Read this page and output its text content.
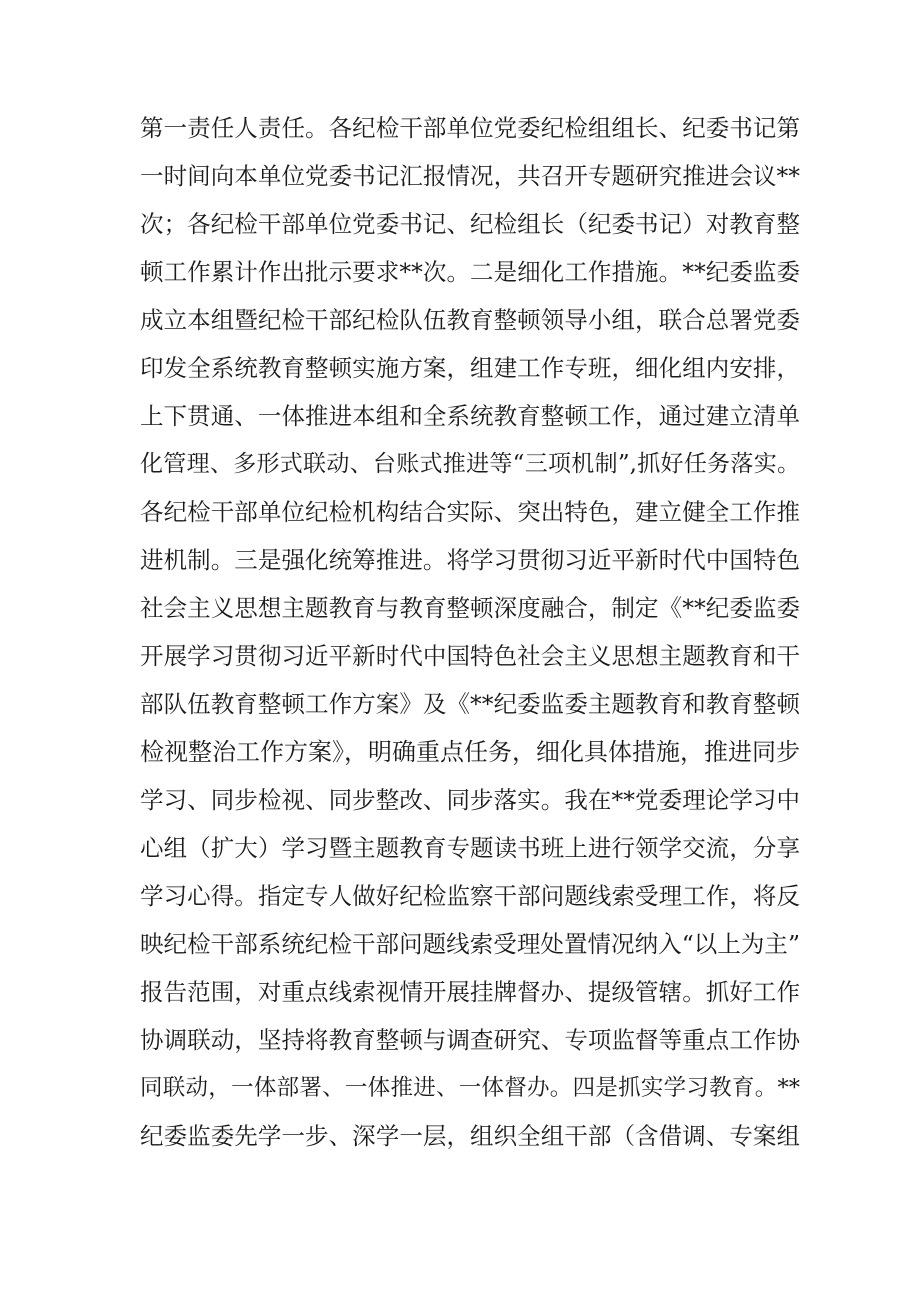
第一责任人责任。各纪检干部单位党委纪检组组长、纪委书记第
一时间向本单位党委书记汇报情况，共召开专题研究推进会议**
次；各纪检干部单位党委书记、纪检组长（纪委书记）对教育整
顿工作累计作出批示要求**次。二是细化工作措施。**纪委监委
成立本组暨纪检干部纪检队伍教育整顿领导小组，联合总署党委
印发全系统教育整顿实施方案，组建工作专班，细化组内安排，
上下贯通、一体推进本组和全系统教育整顿工作，通过建立清单
化管理、多形式联动、台账式推进等“三项机制”,抓好任务落实。
各纪检干部单位纪检机构结合实际、突出特色，建立健全工作推
进机制。三是强化统筹推进。将学习贯彻习近平新时代中国特色
社会主义思想主题教育与教育整顿深度融合，制定《**纪委监委
开展学习贯彻习近平新时代中国特色社会主义思想主题教育和干
部队伍教育整顿工作方案》及《**纪委监委主题教育和教育整顿
检视整治工作方案》，明确重点任务，细化具体措施，推进同步
学习、同步检视、同步整改、同步落实。我在**党委理论学习中
心组（扩大）学习暨主题教育专题读书班上进行领学交流，分享
学习心得。指定专人做好纪检监察干部问题线索受理工作，将反
映纪检干部系统纪检干部问题线索受理处置情况纳入“以上为主”
报告范围，对重点线索视情开展挂牌督办、提级管辖。抓好工作
协调联动，坚持将教育整顿与调查研究、专项监督等重点工作协
同联动，一体部署、一体推进、一体督办。四是抓实学习教育。**
纪委监委先学一步、深学一层，组织全组干部（含借调、专案组
